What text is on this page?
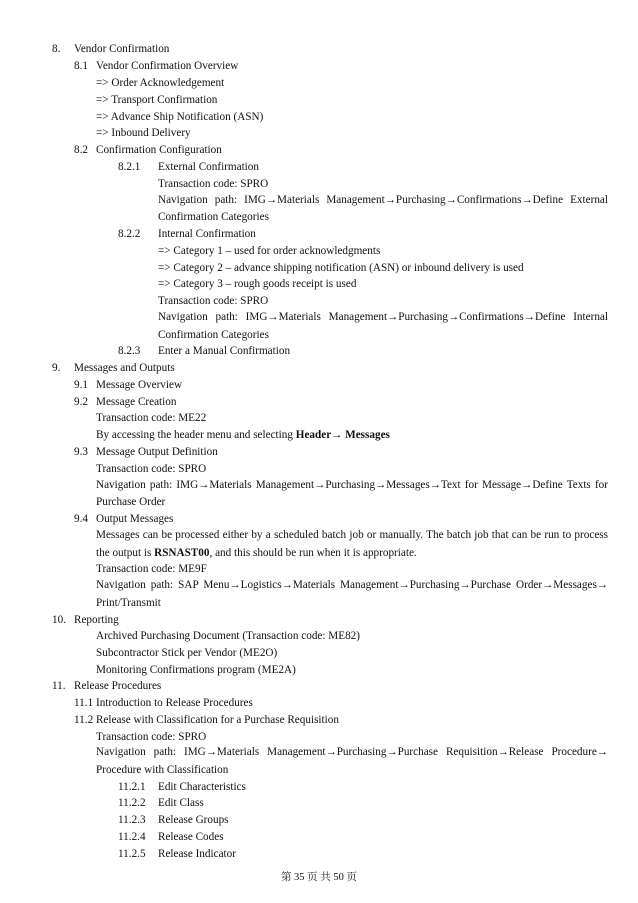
8. Vendor Confirmation
8.1 Vendor Confirmation Overview
=> Order Acknowledgement
=> Transport Confirmation
=> Advance Ship Notification (ASN)
=> Inbound Delivery
8.2 Confirmation Configuration
8.2.1 External Confirmation
Transaction code: SPRO
Navigation path: IMG→Materials Management→Purchasing→Confirmations→Define External
Confirmation Categories
8.2.2 Internal Confirmation
=> Category 1 – used for order acknowledgments
=> Category 2 – advance shipping notification (ASN) or inbound delivery is used
=> Category 3 – rough goods receipt is used
Transaction code: SPRO
Navigation path: IMG→Materials Management→Purchasing→Confirmations→Define Internal
Confirmation Categories
8.2.3 Enter a Manual Confirmation
9. Messages and Outputs
9.1 Message Overview
9.2 Message Creation
Transaction code: ME22
By accessing the header menu and selecting Header→ Messages
9.3 Message Output Definition
Transaction code: SPRO
Navigation path: IMG→Materials Management→Purchasing→Messages→Text for Message→Define Texts for
Purchase Order
9.4 Output Messages
Messages can be processed either by a scheduled batch job or manually. The batch job that can be run to process
the output is RSNAST00, and this should be run when it is appropriate.
Transaction code: ME9F
Navigation path: SAP Menu→Logistics→Materials Management→Purchasing→Purchase Order→Messages→
Print/Transmit
10. Reporting
Archived Purchasing Document (Transaction code: ME82)
Subcontractor Stick per Vendor (ME2O)
Monitoring Confirmations program (ME2A)
11. Release Procedures
11.1 Introduction to Release Procedures
11.2 Release with Classification for a Purchase Requisition
Transaction code: SPRO
Navigation path: IMG→Materials Management→Purchasing→Purchase Requisition→Release Procedure→
Procedure with Classification
11.2.1 Edit Characteristics
11.2.2 Edit Class
11.2.3 Release Groups
11.2.4 Release Codes
11.2.5 Release Indicator
第 35 页 共 50 页
